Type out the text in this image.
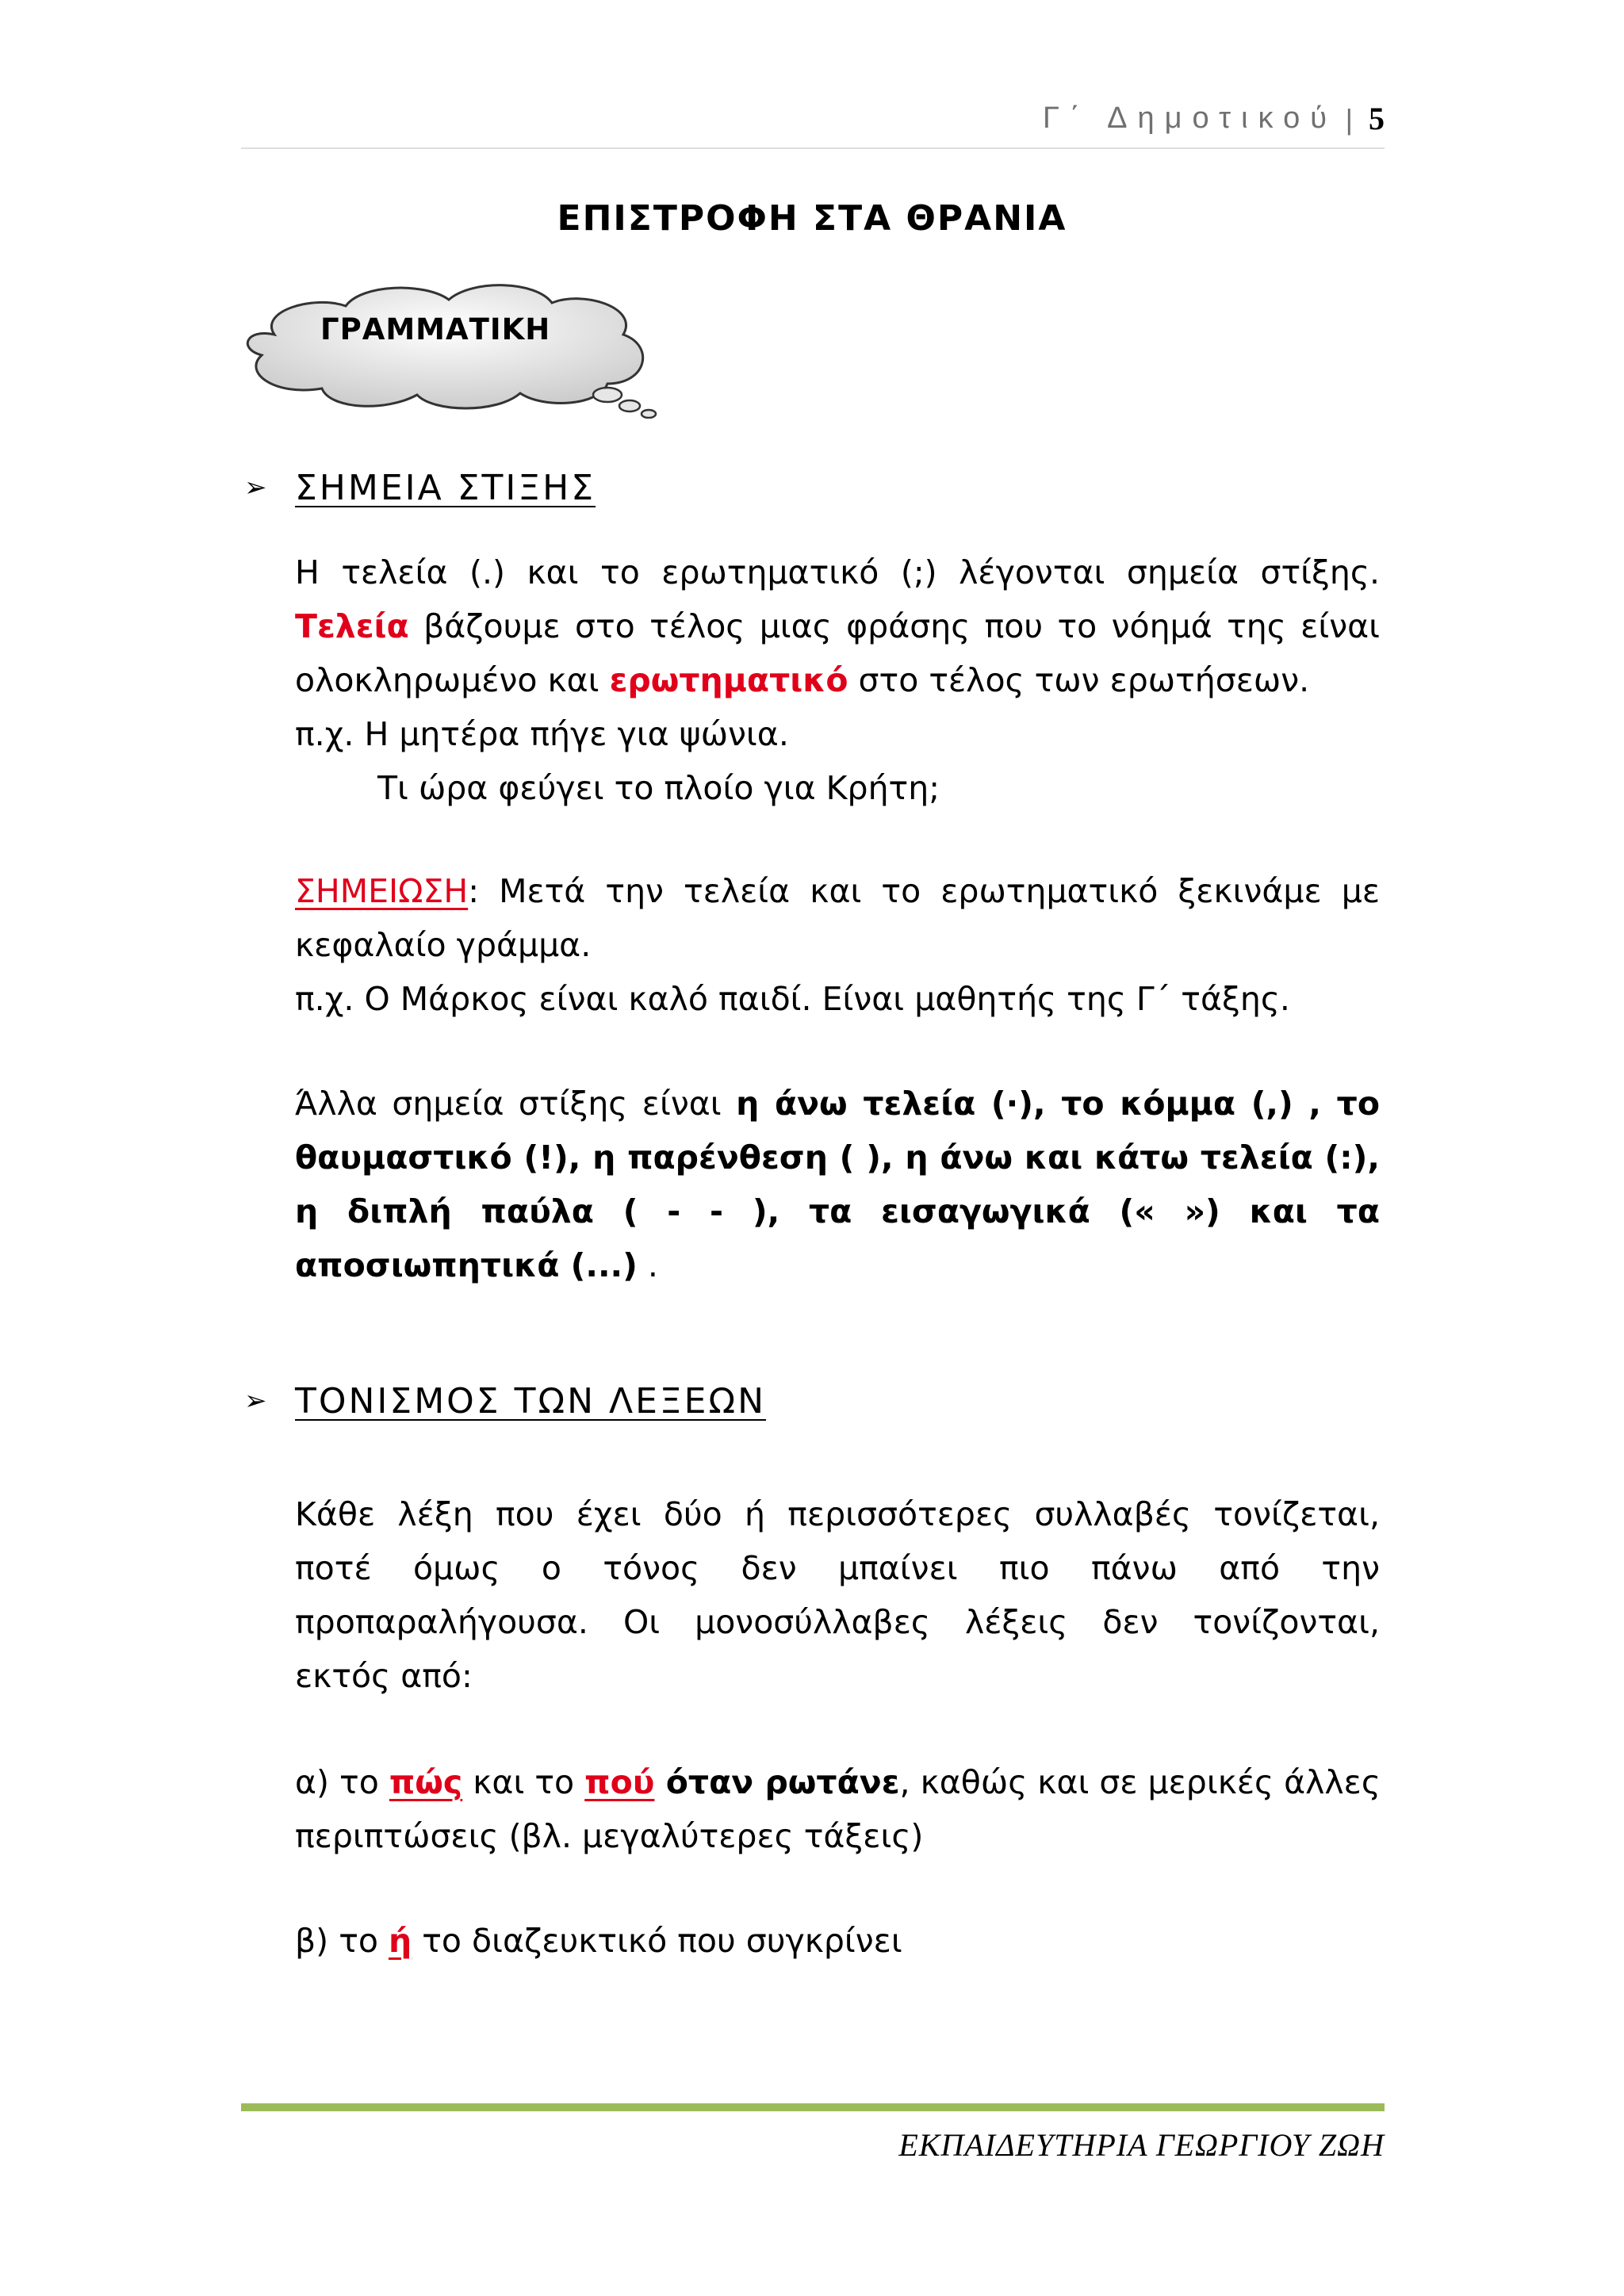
Γ΄ Δημοτικού | 5
ΕΠΙΣΤΡΟΦΗ ΣΤΑ ΘΡΑΝΙΑ
ΓΡΑΜΜΑΤΙΚΗ
➢ ΣΗΜΕΙΑ ΣΤΙΞΗΣ
Η τελεία (.) και το ερωτηματικό (;) λέγονται σημεία στίξης.
Τελεία βάζουμε στο τέλος μιας φράσης που το νόημά της είναι
ολοκληρωμένο και ερωτηματικό στο τέλος των ερωτήσεων.
π.χ. Η μητέρα πήγε για ψώνια.
Τι ώρα φεύγει το πλοίο για Κρήτη;
ΣΗΜΕΙΩΣΗ: Μετά την τελεία και το ερωτηματικό ξεκινάμε με
κεφαλαίο γράμμα.
π.χ. Ο Μάρκος είναι καλό παιδί. Είναι μαθητής της Γ΄ τάξης.
Άλλα σημεία στίξης είναι η άνω τελεία (·), το κόμμα (,) , το
θαυμαστικό (!), η παρένθεση ( ), η άνω και κάτω τελεία (:),
η διπλή παύλα ( - - ), τα εισαγωγικά (« ») και τα
αποσιωπητικά (...) .
➢ ΤΟΝΙΣΜΟΣ ΤΩΝ ΛΕΞΕΩΝ
Κάθε λέξη που έχει δύο ή περισσότερες συλλαβές τονίζεται,
ποτέ όμως ο τόνος δεν μπαίνει πιο πάνω από την
προπαραλήγουσα. Οι μονοσύλλαβες λέξεις δεν τονίζονται,
εκτός από:
α) το πώς και το πού όταν ρωτάνε, καθώς και σε μερικές άλλες
περιπτώσεις (βλ. μεγαλύτερες τάξεις)
β) το ή το διαζευκτικό που συγκρίνει
ΕΚΠΑΙΔΕΥΤΗΡΙΑ ΓΕΩΡΓΙΟΥ ΖΩΗ
